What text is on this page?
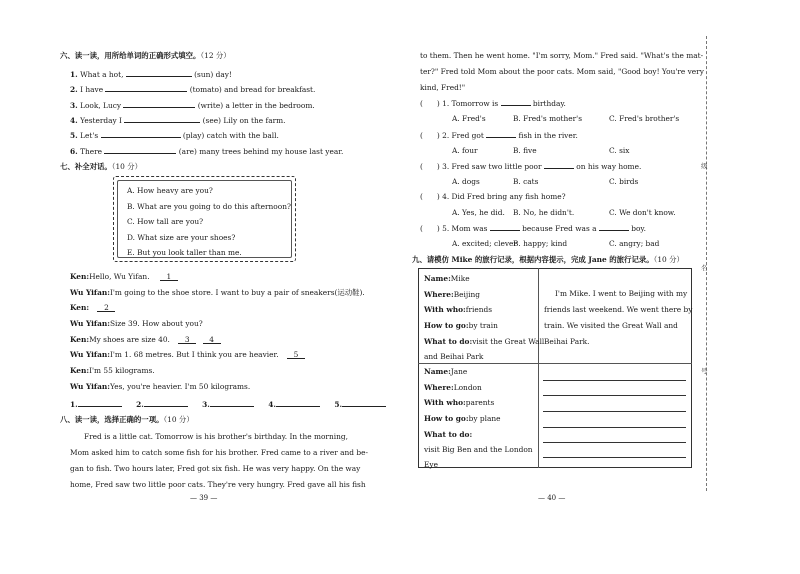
六、读一读，用所给单词的正确形式填空。（12 分）
1. What a hot,	(sun) day!
2. I have	(tomato) and bread for breakfast.
3. Look, Lucy	(write) a letter in the bedroom.
4. Yesterday I	(see) Lily on the farm.
5. Let's	(play) catch with the ball.
6. There	(are) many trees behind my house last year.
七、补全对话。（10 分）
A. How heavy are you?
B. What are you going to do this afternoon?
C. How tall are you?
D. What size are your shoes?
E. But you look taller than me.
Ken:Hello, Wu Yifan. 1
Wu Yifan:I'm going to the shoe store. I want to buy a pair of sneakers(运动鞋).
Ken: 2
Wu Yifan:Size 39. How about you?
Ken:My shoes are size 40. 3	4
Wu Yifan:I'm 1. 68 metres. But I think you are heavier. 5
Ken:I'm 55 kilograms.
Wu Yifan:Yes, you're heavier. I'm 50 kilograms.
1.	2.	3.	4.	5.
八、读一读，选择正确的一项。（10 分）
Fred is a little cat. Tomorrow is his brother's birthday. In the morning,
Mom asked him to catch some fish for his brother. Fred came to a river and be-
gan to fish. Two hours later, Fred got six fish. He was very happy. On the way
home, Fred saw two little poor cats. They're very hungry. Fred gave all his fish
— 39 —
to them. Then he went home. "I'm sorry, Mom." Fred said. "What's the mat-
ter?" Fred told Mom about the poor cats. Mom said, "Good boy! You're very
kind, Fred!"
( ) 1. Tomorrow is	birthday.
A. Fred's	B. Fred's mother's	C. Fred's brother's
( ) 2. Fred got	fish in the river.
A. four	B. five	C. six
( ) 3. Fred saw two little poor	on his way home.
A. dogs	B. cats	C. birds
( ) 4. Did Fred bring any fish home?
A. Yes, he did. B. No, he didn't.	C. We don't know.
( ) 5. Mom was	because Fred was a	boy.
A. excited; clever
B. happy; kind	C. angry; bad
九、请模仿 Mike 的旅行记录，根据内容提示，完成 Jane 的旅行记录。（10 分）
Name:Mike
Where:Beijing
With who:friends
How to go:by train
What to do:visit the Great Wall
and Beihai Park
I'm Mike. I went to Beijing with my
friends last weekend. We went there by
train. We visited the Great Wall and
Beihai Park.
Name:Jane
Where:London
With who:parents
How to go:by plane
What to do:
visit Big Ben and the London
Eye
— 40 —
级
名
号
